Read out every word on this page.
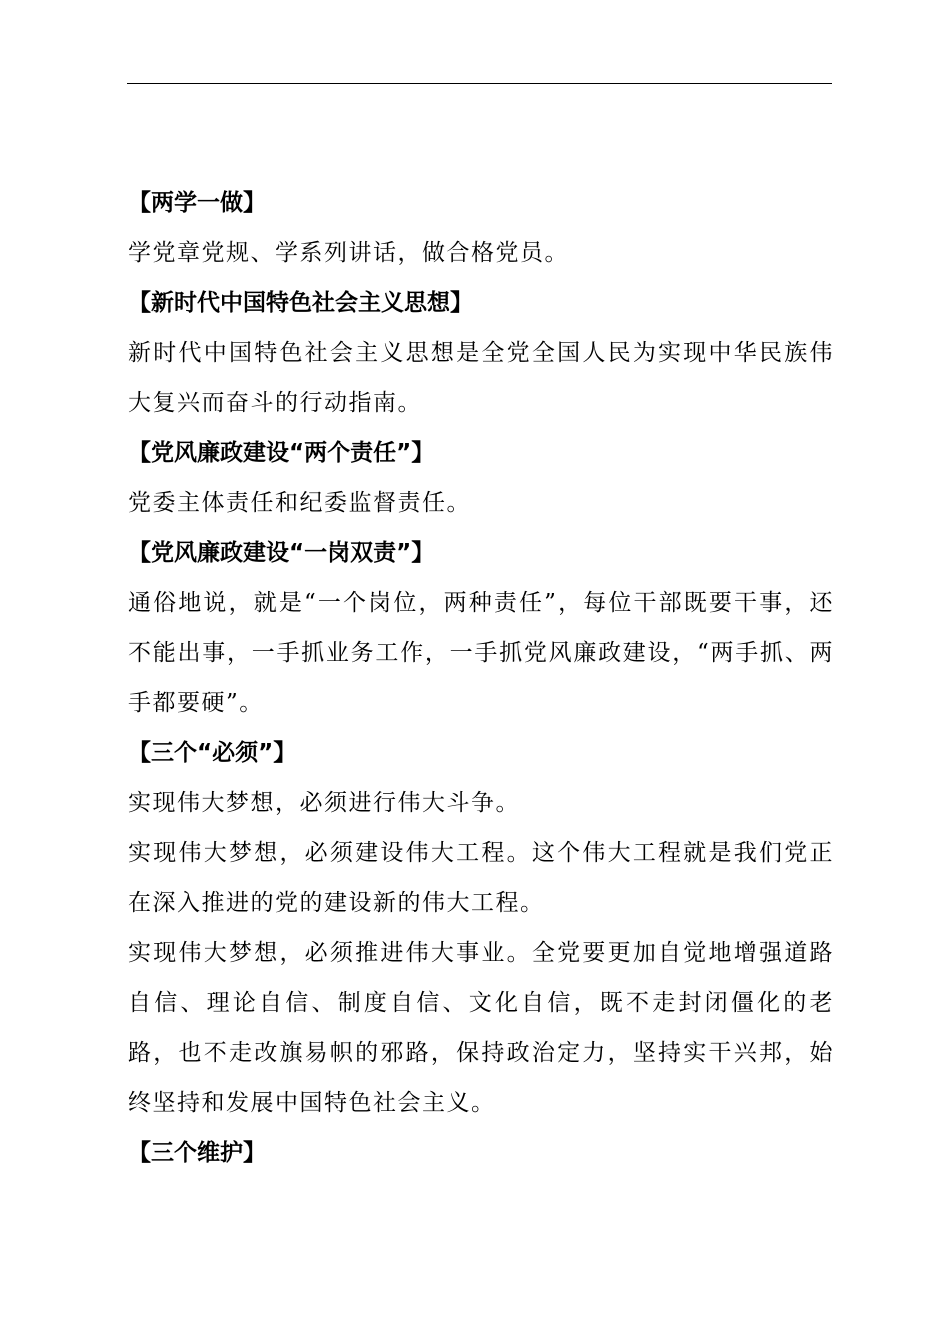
【两学一做】

学党章党规、学系列讲话，做合格党员。

【新时代中国特色社会主义思想】

新时代中国特色社会主义思想是全党全国人民为实现中华民族伟大复兴而奋斗的行动指南。

【党风廉政建设“两个责任”】

党委主体责任和纪委监督责任。

【党风廉政建设“一岗双责”】

通俗地说，就是“一个岗位，两种责任”，每位干部既要干事，还不能出事，一手抓业务工作，一手抓党风廉政建设，“两手抓、两手都要硬”。

【三个“必须”】

实现伟大梦想，必须进行伟大斗争。

实现伟大梦想，必须建设伟大工程。这个伟大工程就是我们党正在深入推进的党的建设新的伟大工程。

实现伟大梦想，必须推进伟大事业。全党要更加自觉地增强道路自信、理论自信、制度自信、文化自信，既不走封闭僵化的老路，也不走改旗易帜的邪路，保持政治定力，坚持实干兴邦，始终坚持和发展中国特色社会主义。

【三个维护】
